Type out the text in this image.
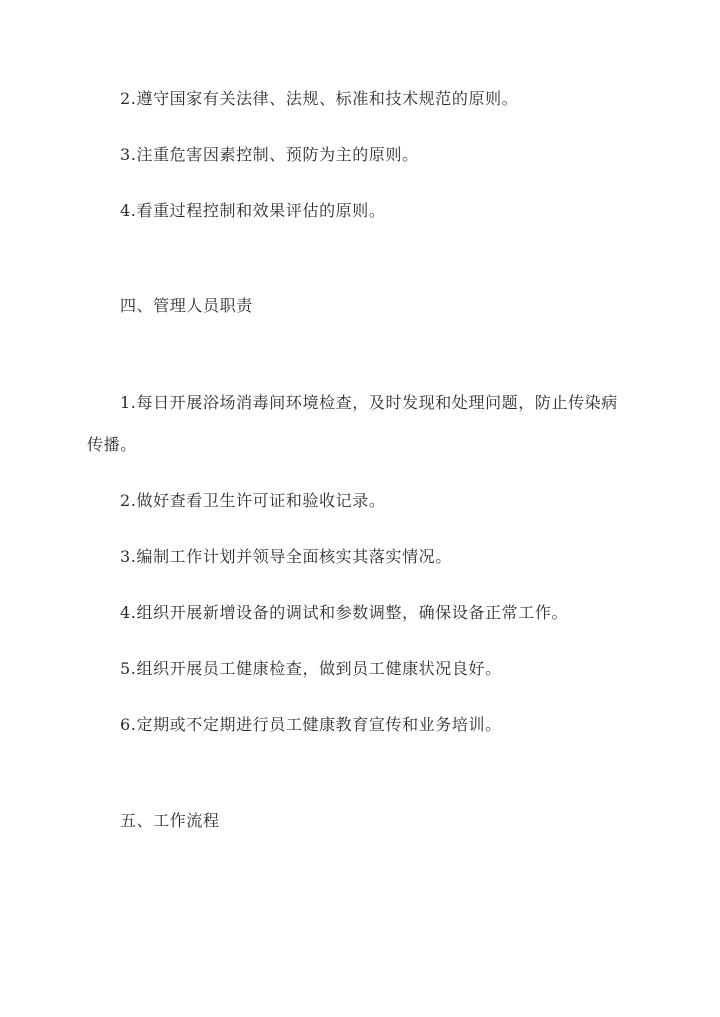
2.遵守国家有关法律、法规、标准和技术规范的原则。
3.注重危害因素控制、预防为主的原则。
4.看重过程控制和效果评估的原则。
四、管理人员职责
1.每日开展浴场消毒间环境检查，及时发现和处理问题，防止传染病
传播。
2.做好查看卫生许可证和验收记录。
3.编制工作计划并领导全面核实其落实情况。
4.组织开展新增设备的调试和参数调整，确保设备正常工作。
5.组织开展员工健康检查，做到员工健康状况良好。
6.定期或不定期进行员工健康教育宣传和业务培训。
五、工作流程
